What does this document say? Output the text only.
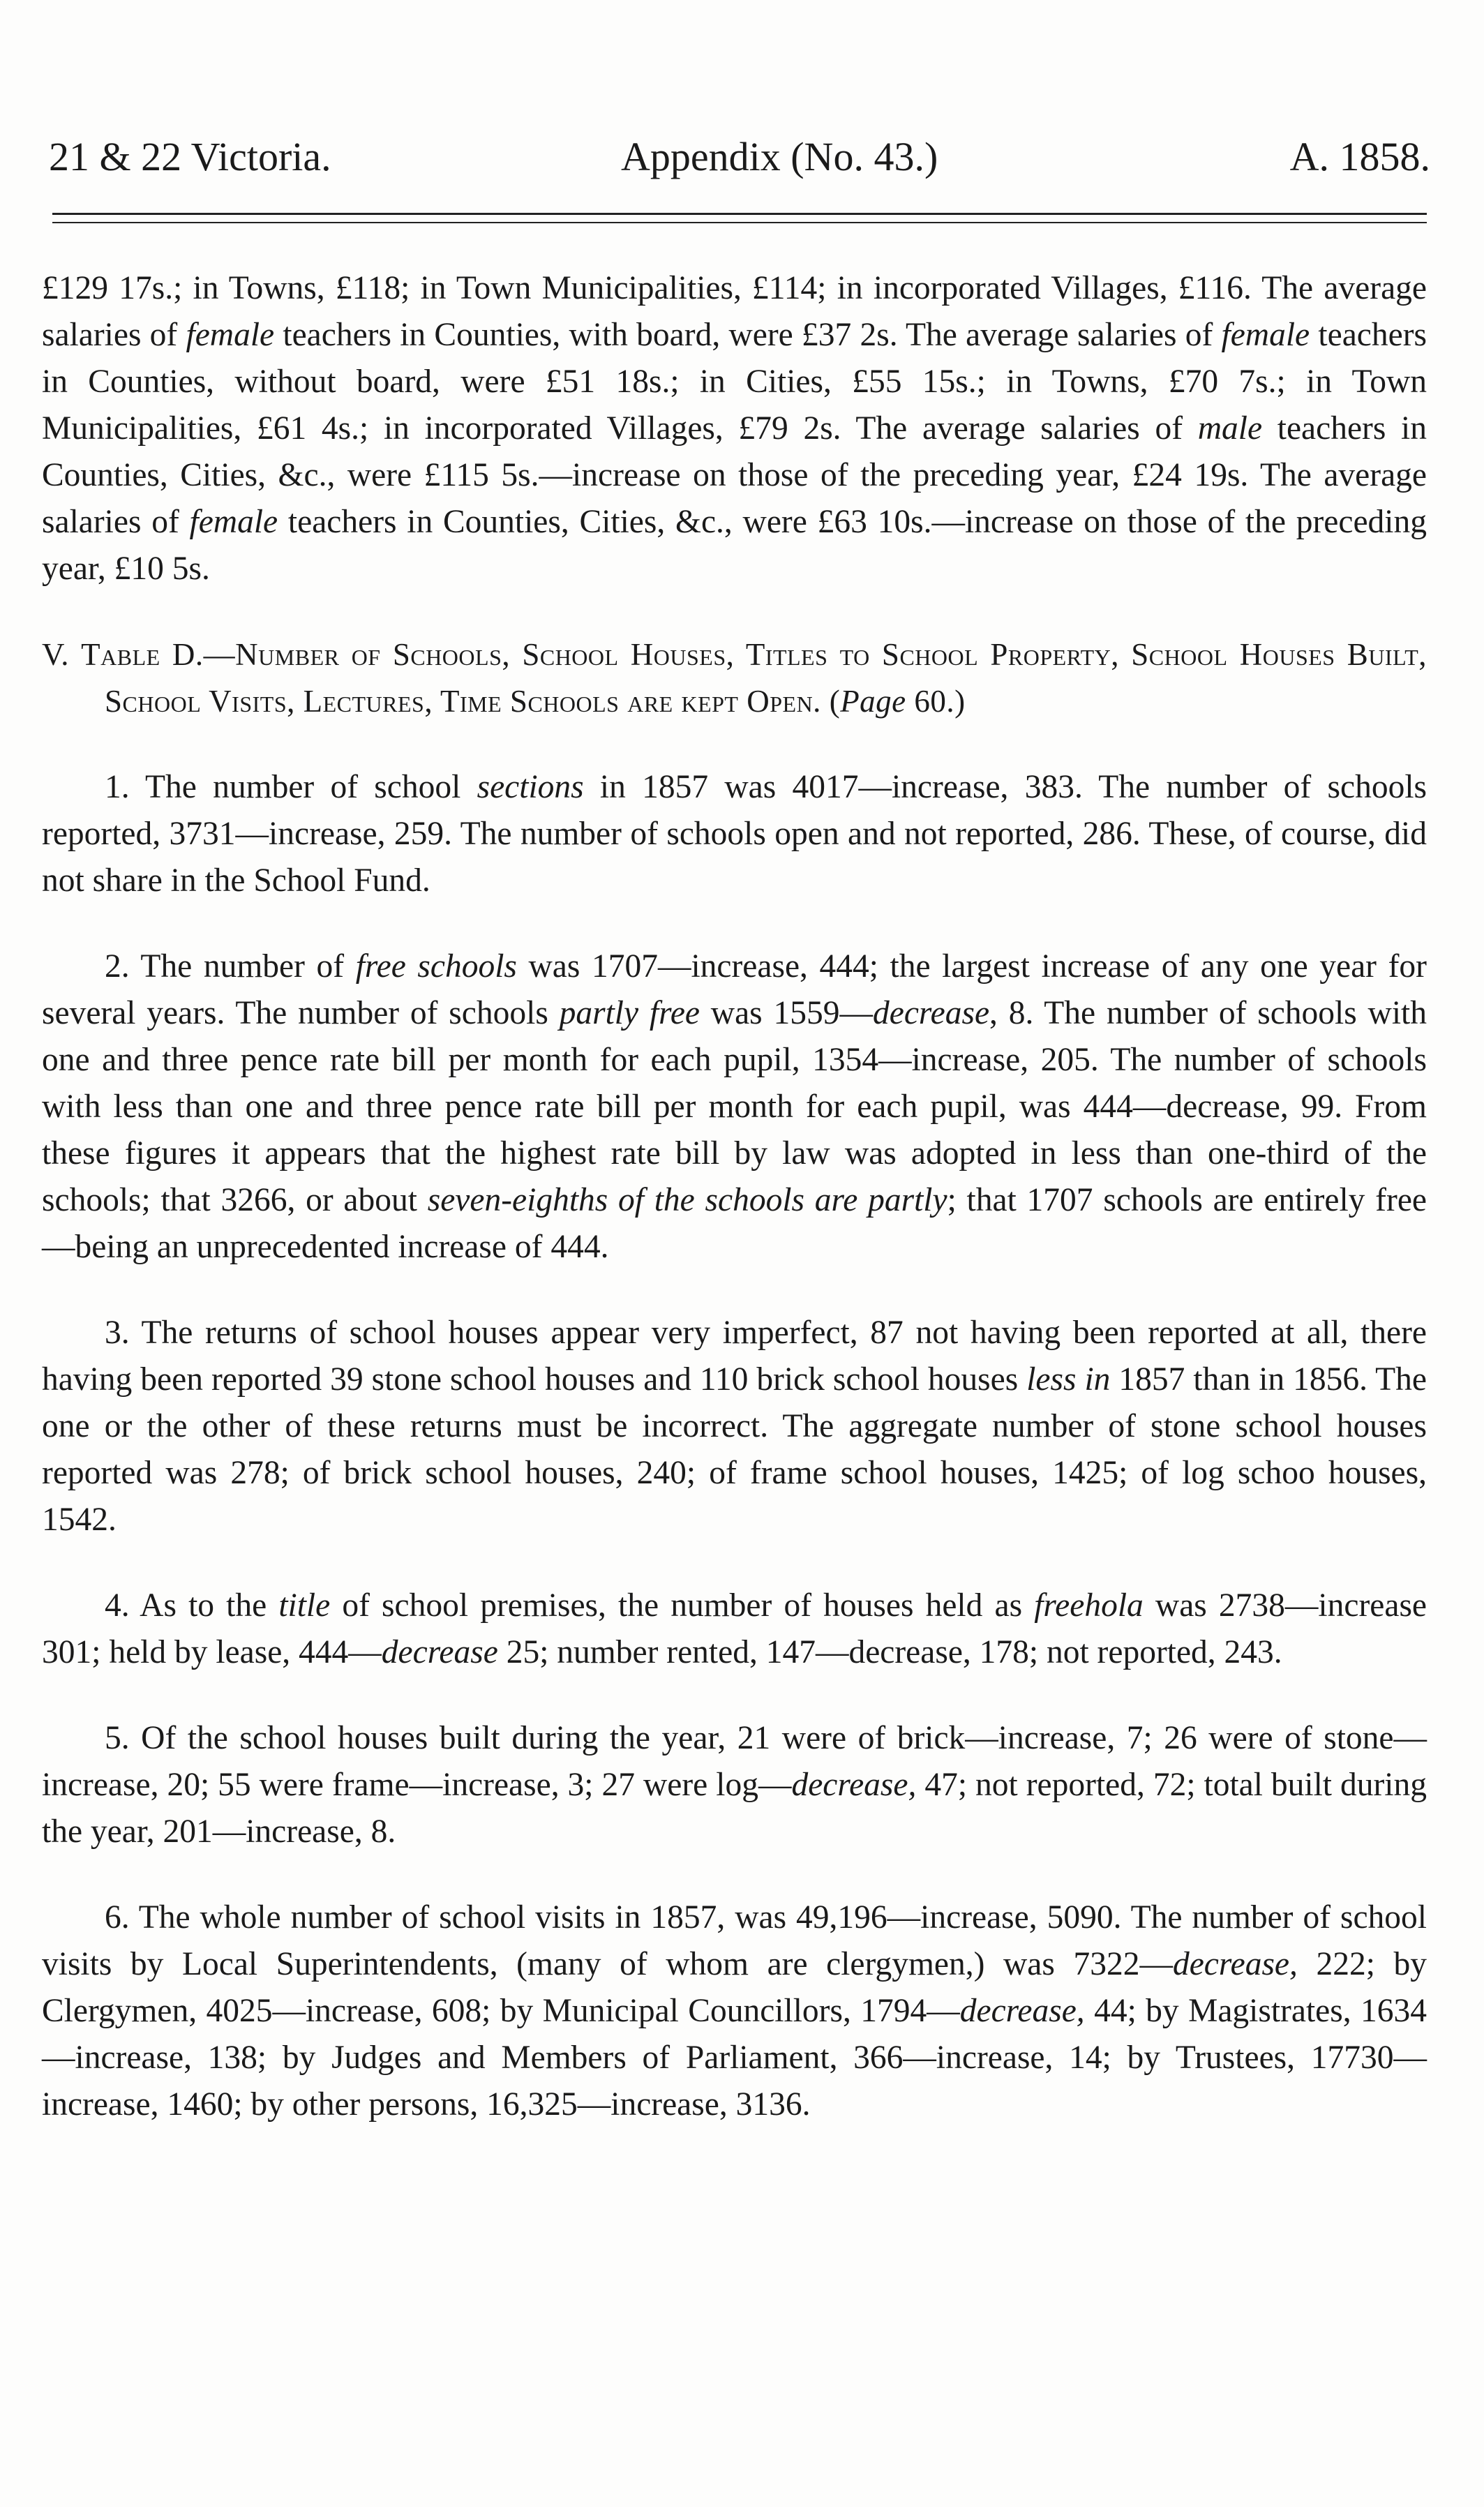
21 & 22 Victoria.	Appendix (No. 43.)	A. 1858.

£129 17s.; in Towns, £118; in Town Municipalities, £114; in incorporated Villages, £116. The average salaries of female teachers in Counties, with board, were £37 2s. The average salaries of female teachers in Counties, without board, were £51 18s.; in Cities, £55 15s.; in Towns, £70 7s.; in Town Municipalities, £61 4s.; in incorporated Villages, £79 2s. The average salaries of male teachers in Counties, Cities, &c., were £115 5s.—increase on those of the preceding year, £24 19s. The average salaries of female teachers in Counties, Cities, &c., were £63 10s.—increase on those of the preceding year, £10 5s.

V. Table D.—Number of Schools, School Houses, Titles to School Property, School Houses Built, School Visits, Lectures, Time Schools are kept Open. (Page 60.)

1. The number of school sections in 1857 was 4017—increase, 383. The number of schools reported, 3731—increase, 259. The number of schools open and not reported, 286. These, of course, did not share in the School Fund.

2. The number of free schools was 1707—increase, 444; the largest increase of any one year for several years. The number of schools partly free was 1559—decrease, 8. The number of schools with one and three pence rate bill per month for each pupil, 1354—increase, 205. The number of schools with less than one and three pence rate bill per month for each pupil, was 444—decrease, 99. From these figures it appears that the highest rate bill by law was adopted in less than one-third of the schools; that 3266, or about seven-eighths of the schools are partly; that 1707 schools are entirely free—being an unprecedented increase of 444.

3. The returns of school houses appear very imperfect, 87 not having been reported at all, there having been reported 39 stone school houses and 110 brick school houses less in 1857 than in 1856. The one or the other of these returns must be incorrect. The aggregate number of stone school houses reported was 278; of brick school houses, 240; of frame school houses, 1425; of log schoo houses, 1542.

4. As to the title of school premises, the number of houses held as freehola was 2738—increase 301; held by lease, 444—decrease 25; number rented, 147—decrease, 178; not reported, 243.

5. Of the school houses built during the year, 21 were of brick—increase, 7; 26 were of stone—increase, 20; 55 were frame—increase, 3; 27 were log—decrease, 47; not reported, 72; total built during the year, 201—increase, 8.

6. The whole number of school visits in 1857, was 49,196—increase, 5090. The number of school visits by Local Superintendents, (many of whom are clergymen,) was 7322—decrease, 222; by Clergymen, 4025—increase, 608; by Municipal Councillors, 1794—decrease, 44; by Magistrates, 1634—increase, 138; by Judges and Members of Parliament, 366—increase, 14; by Trustees, 17730—increase, 1460; by other persons, 16,325—increase, 3136.
